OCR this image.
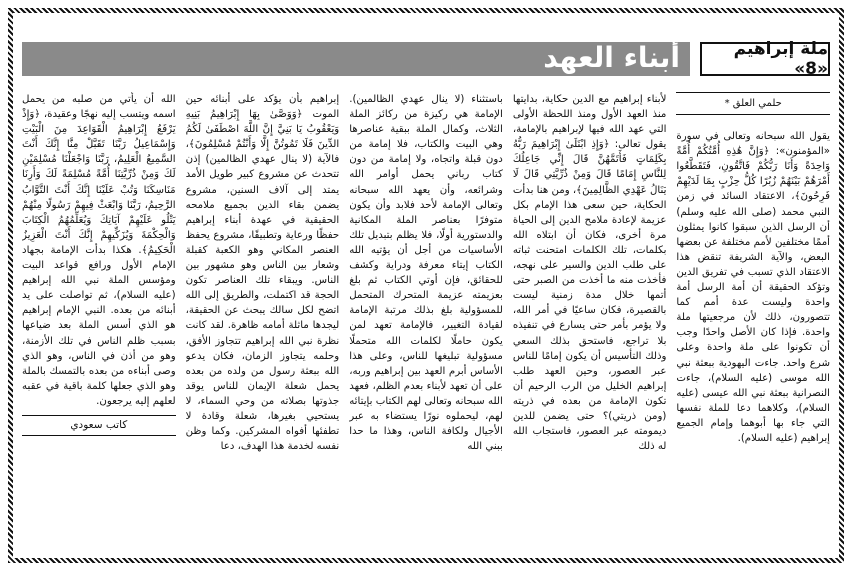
أبناء العهد	ملة إبراهيم «8»
حلمي العلق *

يقول الله سبحانه وتعالى في سورة «المؤمنون»: ﴿وَإِنَّ هَٰذِهِ أُمَّتُكُمْ أُمَّةً وَاحِدَةً وَأَنَا رَبُّكُمْ فَاتَّقُونِ، فَتَقَطَّعُوا أَمْرَهُمْ بَيْنَهُمْ زُبُرًا كُلُّ حِزْبٍ بِمَا لَدَيْهِمْ فَرِحُونَ﴾، الاعتقاد السائد في زمن النبي محمد (صلى الله عليه وسلم) أن الرسل الذين سبقوا كانوا يمثلون أممًا مختلفين لأمم مختلفة عن بعضها البعض، والآية الشريفة تنقض هذا الاعتقاد الذي تسبب في تفريق الدين وتؤكد الحقيقة أن أمة الرسل أمة واحدة وليست عدة أمم كما تتصورون، ذلك لأن مرجعيتها ملة واحدة. فإذا كان الأصل واحدًا وجب أن تكونوا على ملة واحدة وعلى شرع واحد. جاءت اليهودية ببعثة نبي الله موسى (عليه السلام)، جاءت النصرانية ببعثة نبي الله عيسى (عليه السلام)، وكلاهما دعا للملة نفسها التي جاء بها أبوهما وإمام الجميع إبراهيم (عليه السلام).

لأبناء إبراهيم مع الدين حكاية، بدايتها منذ العهد الأول ومنذ اللحظة الأولى التي عهد الله فيها لإبراهيم بالإمامة، يقول تعالى: ﴿وَإِذِ ابْتَلَىٰ إِبْرَاهِيمَ رَبُّهُ بِكَلِمَاتٍ فَأَتَمَّهُنَّ قَالَ إِنِّي جَاعِلُكَ لِلنَّاسِ إِمَامًا قَالَ وَمِنْ ذُرِّيَّتِي قَالَ لَا يَنَالُ عَهْدِي الظَّالِمِينَ﴾، ومن هنا بدأت الحكاية، حين سعى هذا الإمام بكل عزيمة لإعادة ملامح الدين إلى الحياة مرة أخرى، فكان أن ابتلاه الله بكلمات، تلك الكلمات امتحنت ثباته على طلب الدين والسير على نهجه، فأخذت منه ما أخذت من الصبر حتى أتمها خلال مدة زمنية ليست بالقصيرة، فكان ساعيًا في أمر الله، ولا يؤمر بأمر حتى يسارع في تنفيذه بلا تراجع، فاستحق بذلك السعي وذلك التأسيس أن يكون إمامًا للناس عبر العصور، وحين العهد طلب إبراهيم الخليل من الرب الرحيم أن تكون الإمامة من بعده في ذريته (ومن ذريتي)؟ حتى يضمن للدين ديمومته عبر العصور، فاستجاب الله له ذلك

باستثناء (لا ينال عهدي الظالمين). الإمامة هي ركيزة من ركائز الملة الثلاث، وكمال الملة ببقية عناصرها وهي البيت والكتاب، فلا إمامة من دون قبلة واتجاه، ولا إمامة من دون كتاب رباني يحمل أوامر الله وشرائعه، وأن يعهد الله سبحانه وتعالى الإمامة لأحد فلابد وأن يكون متوفرًا بعناصر الملة المكانية والدستورية أولًا، فلا يظلم بتبديل تلك الأساسيات من أجل أن يؤتيه الله الكتاب إيتاء معرفة ودراية وكشف للحقائق، فإن أوتي الكتاب ثم بلغ بعزيمته عزيمة المتحرك المتحمل للمسؤولية بلغ بذلك مرتبة الإمامة لقيادة التغيير، فالإمامة تعهد لمن يكون حاملًا لكلمات الله متحملًا مسؤولية تبليغها للناس، وعلى هذا الأساس أبرم العهد بين إبراهيم وربه، على أن تعهد لأبناء بعدم الظلم، فعهد الله سبحانه وتعالى لهم الكتاب بإيتائه لهم، ليحملوه نورًا يستضاء به عبر الأجيال ولكافة الناس، وهذا ما حدا ببني الله

إبراهيم بأن يؤكد على أبنائه حين الموت ﴿وَوَصَّىٰ بِهَا إِبْرَاهِيمُ بَنِيهِ وَيَعْقُوبُ يَا بَنِيَّ إِنَّ اللَّهَ اصْطَفَىٰ لَكُمُ الدِّينَ فَلَا تَمُوتُنَّ إِلَّا وَأَنْتُمْ مُسْلِمُونَ﴾، فالآية (لا ينال عهدي الظالمين) إذن تتحدث عن مشروع كبير طويل الأمد يمتد إلى آلاف السنين، مشروع يضمن بقاء الدين بجميع ملامحه الحقيقية في عهدة أبناء إبراهيم حفظًا ورعاية وتطبيقًا، مشروع يحفظ العنصر المكاني وهو الكعبة كقبلة وشعار بين الناس وهو مشهور بين الناس. ويبقاء تلك العناصر تكون الحجة قد اكتملت، والطريق إلى الله اتضح لكل سالك يبحث عن الحقيقة، ليجدها ماثلة أمامه ظاهرة. لقد كانت نظرة نبي الله إبراهيم تتجاوز الأفق، وحلمه يتجاوز الزمان، فكان يدعو الله ببعثة رسول من ولده من بعده يحمل شعلة الإيمان للناس يوقد جذوتها بصلاته من وحي السماء، لا يستحيي بغيرها، شعلة وقادة لا تطفئها أفواه المشركين. وكما وظن نفسه لخدمة هذا الهدف، دعا

الله أن يأتي من صلبه من يحمل اسمه ويتسب إليه نهجًا وعقيدة، ﴿وَإِذْ يَرْفَعُ إِبْرَاهِيمُ الْقَوَاعِدَ مِنَ الْبَيْتِ وَإِسْمَاعِيلُ رَبَّنَا تَقَبَّلْ مِنَّا إِنَّكَ أَنْتَ السَّمِيعُ الْعَلِيمُ، رَبَّنَا وَاجْعَلْنَا مُسْلِمَيْنِ لَكَ وَمِنْ ذُرِّيَّتِنَا أُمَّةً مُسْلِمَةً لَكَ وَأَرِنَا مَنَاسِكَنَا وَتُبْ عَلَيْنَا إِنَّكَ أَنْتَ التَّوَّابُ الرَّحِيمُ، رَبَّنَا وَابْعَثْ فِيهِمْ رَسُولًا مِنْهُمْ يَتْلُو عَلَيْهِمْ آيَاتِكَ وَيُعَلِّمُهُمُ الْكِتَابَ وَالْحِكْمَةَ وَيُزَكِّيهِمْ إِنَّكَ أَنْتَ الْعَزِيزُ الْحَكِيمُ﴾. هكذا بدأت الإمامة بجهاد الإمام الأول ورافع قواعد البيت ومؤسس الملة نبي الله إبراهيم (عليه السلام)، ثم تواصلت على يد أبنائه من بعده. النبي الإمام إبراهيم هو الذي أسس الملة بعد ضياعها بسبب ظلم الناس في تلك الأزمنة، وهو من أذن في الناس، وهو الذي وصى أبناءه من بعده بالتمسك بالملة وهو الذي جعلها كلمة باقية في عقبه لعلهم إليه يرجعون.

كاتب سعودي
